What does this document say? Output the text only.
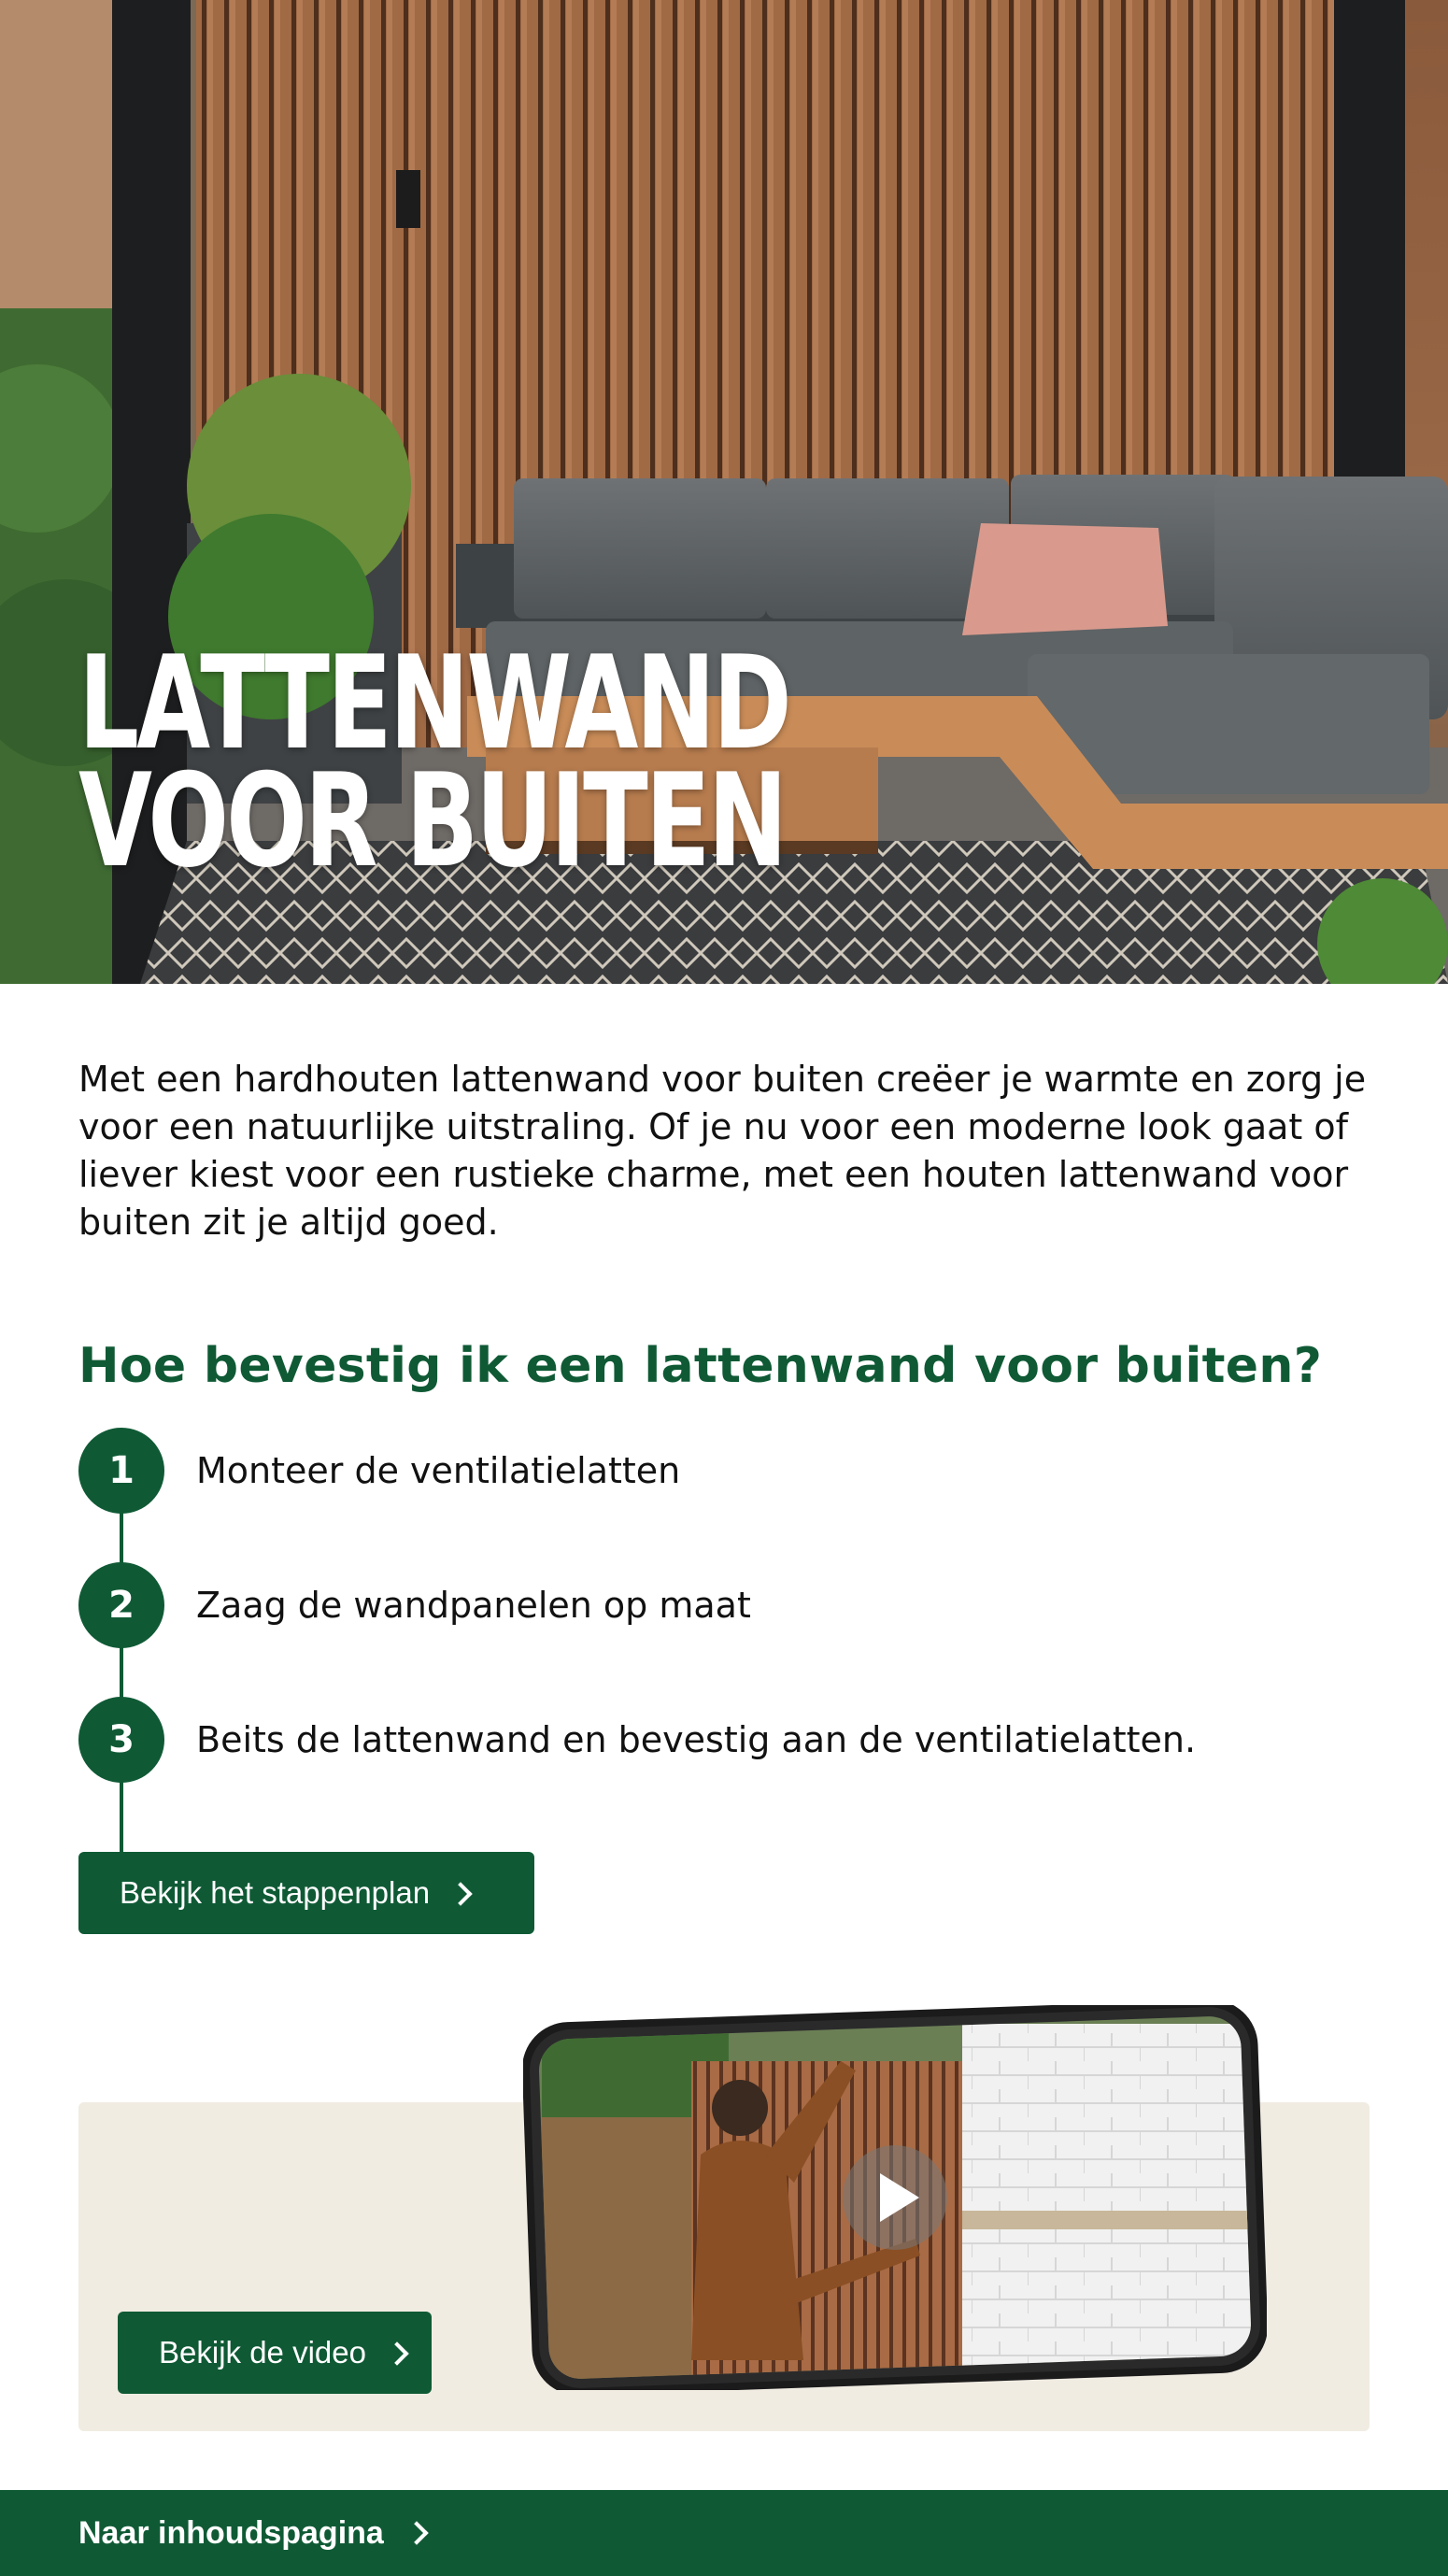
LATTENWAND
VOOR BUITEN

Met een hardhouten lattenwand voor buiten creëer je warmte en zorg je voor een natuurlijke uitstraling. Of je nu voor een moderne look gaat of liever kiest voor een rustieke charme, met een houten lattenwand voor buiten zit je altijd goed.

Hoe bevestig ik een lattenwand voor buiten?
1	Monteer de ventilatielatten
2	Zaag de wandpanelen op maat
3	Beits de lattenwand en bevestig aan de ventilatielatten.
Bekijk het stappenplan
Bekijk de video
Naar inhoudspagina
